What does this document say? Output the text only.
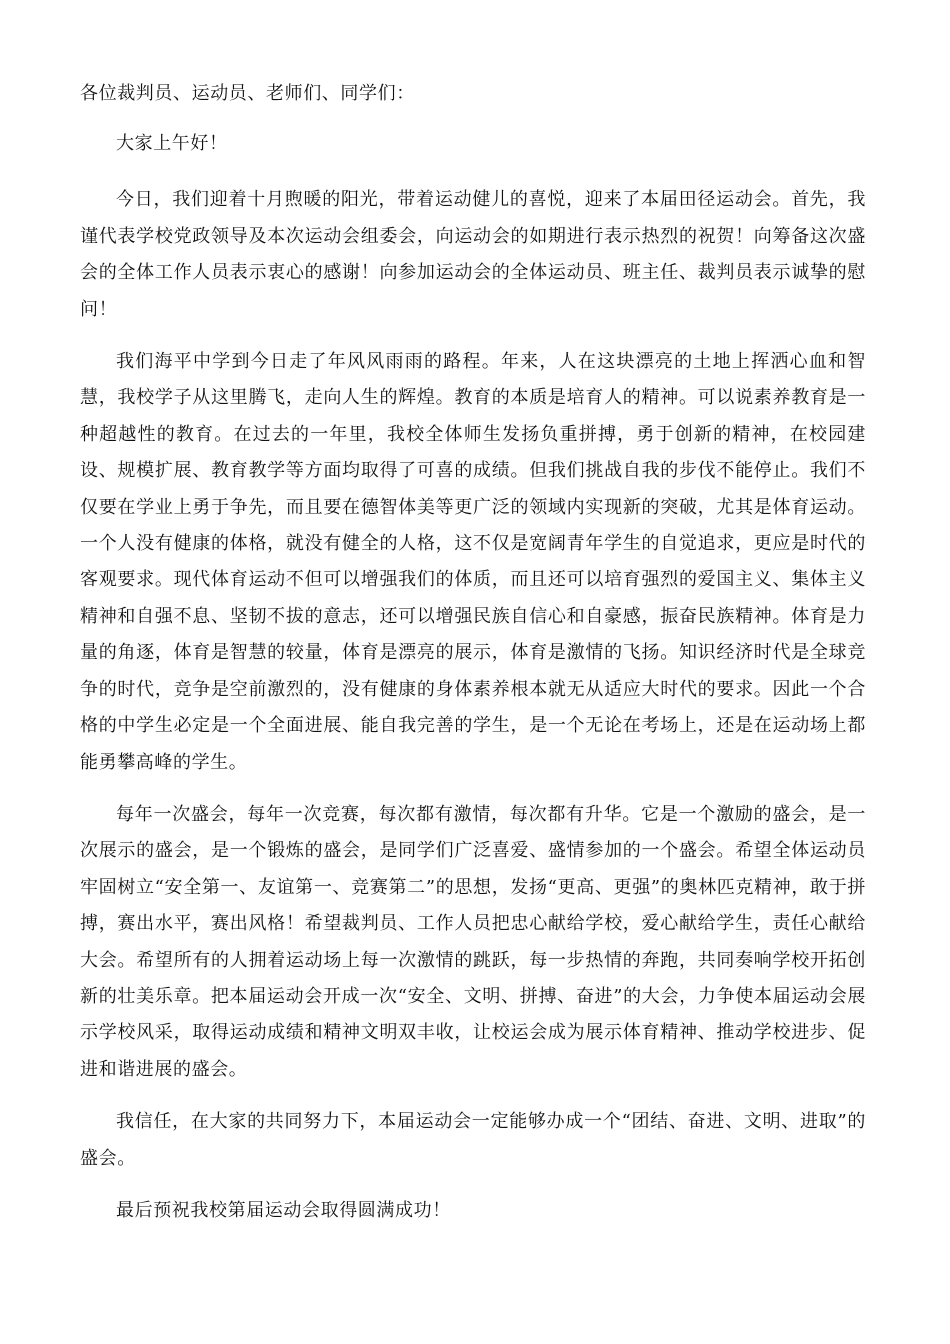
各位裁判员、运动员、老师们、同学们：

大家上午好！

今日，我们迎着十月煦暖的阳光，带着运动健儿的喜悦，迎来了本届田径运动会。首先，我谨代表学校党政领导及本次运动会组委会，向运动会的如期进行表示热烈的祝贺！向筹备这次盛会的全体工作人员表示衷心的感谢！向参加运动会的全体运动员、班主任、裁判员表示诚挚的慰问！

我们海平中学到今日走了年风风雨雨的路程。年来，人在这块漂亮的土地上挥洒心血和智慧，我校学子从这里腾飞，走向人生的辉煌。教育的本质是培育人的精神。可以说素养教育是一种超越性的教育。在过去的一年里，我校全体师生发扬负重拼搏，勇于创新的精神，在校园建设、规模扩展、教育教学等方面均取得了可喜的成绩。但我们挑战自我的步伐不能停止。我们不仅要在学业上勇于争先，而且要在德智体美等更广泛的领域内实现新的突破，尤其是体育运动。一个人没有健康的体格，就没有健全的人格，这不仅是宽阔青年学生的自觉追求，更应是时代的客观要求。现代体育运动不但可以增强我们的体质，而且还可以培育强烈的爱国主义、集体主义精神和自强不息、坚韧不拔的意志，还可以增强民族自信心和自豪感，振奋民族精神。体育是力量的角逐，体育是智慧的较量，体育是漂亮的展示，体育是激情的飞扬。知识经济时代是全球竞争的时代，竞争是空前激烈的，没有健康的身体素养根本就无从适应大时代的要求。因此一个合格的中学生必定是一个全面进展、能自我完善的学生，是一个无论在考场上，还是在运动场上都能勇攀高峰的学生。

每年一次盛会，每年一次竞赛，每次都有激情，每次都有升华。它是一个激励的盛会，是一次展示的盛会，是一个锻炼的盛会，是同学们广泛喜爱、盛情参加的一个盛会。希望全体运动员牢固树立“安全第一、友谊第一、竞赛第二”的思想，发扬“更高、更强”的奥林匹克精神，敢于拼搏，赛出水平，赛出风格！希望裁判员、工作人员把忠心献给学校，爱心献给学生，责任心献给大会。希望所有的人拥着运动场上每一次激情的跳跃，每一步热情的奔跑，共同奏响学校开拓创新的壮美乐章。把本届运动会开成一次“安全、文明、拼搏、奋进”的大会，力争使本届运动会展示学校风采，取得运动成绩和精神文明双丰收，让校运会成为展示体育精神、推动学校进步、促进和谐进展的盛会。

我信任，在大家的共同努力下，本届运动会一定能够办成一个“团结、奋进、文明、进取”的盛会。

最后预祝我校第届运动会取得圆满成功！
